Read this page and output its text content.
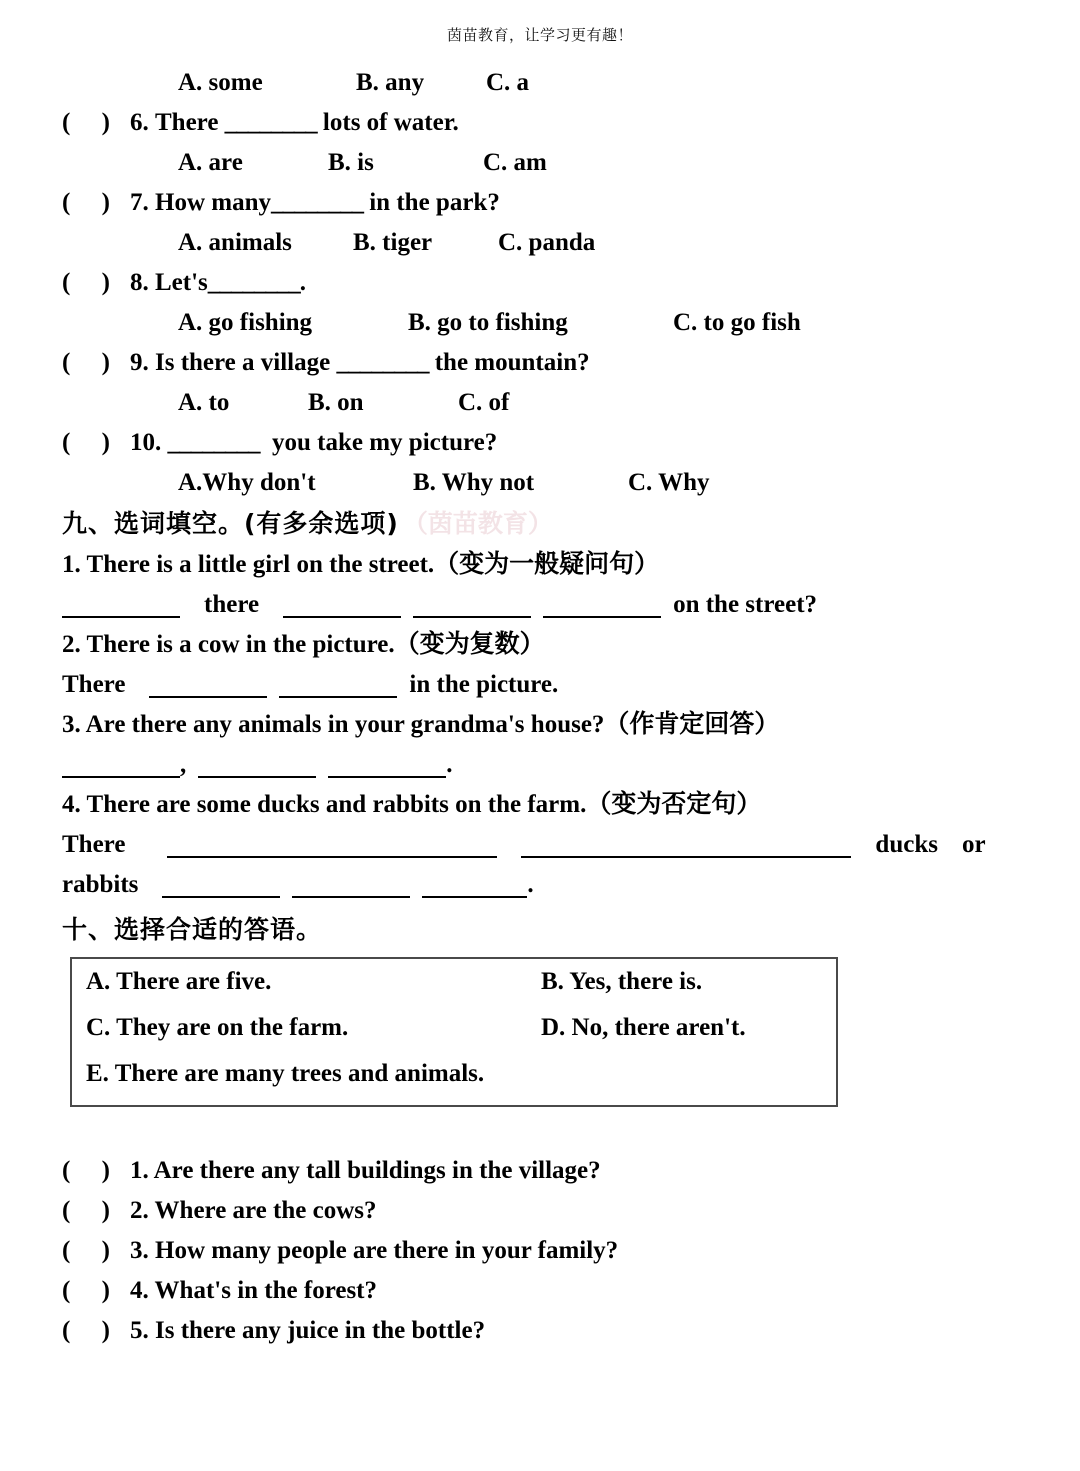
茵苗教育，让学习更有趣！
A. some	B. any C. a
(     ) 6. There ________ lots of water.
A. are	B. is	C. am
(     ) 7. How many________ in the park?
A. animals B. tiger	C. panda
(     ) 8. Let's________.
A. go fishing	B. go to fishing	C. to go fish
(     ) 9. Is there a village ________ the mountain?
A. to	B. on	C. of
(     ) 10. ________ you take my picture?
A.Why don't	B. Why not	C. Why
九、选词填空。(有多余选项) （茵苗教育）
1. There is a little girl on the street.（变为一般疑问句）
there	on the street?
2. There is a cow in the picture.（变为复数）
There	in the picture.
3. Are there any animals in your grandma's house?（作肯定回答）
,	.
4. There are some ducks and rabbits on the farm.（变为否定句）
There	ducks or
rabbits	.
十、选择合适的答语。
(     ) 1. Are there any tall buildings in the village?
(     ) 2. Where are the cows?
(     ) 3. How many people are there in your family?
(     ) 4. What's in the forest?
(     ) 5. Is there any juice in the bottle?
A. There are five.	B. Yes, there is.
C. They are on the farm.	D. No, there aren't.
E. There are many trees and animals.
